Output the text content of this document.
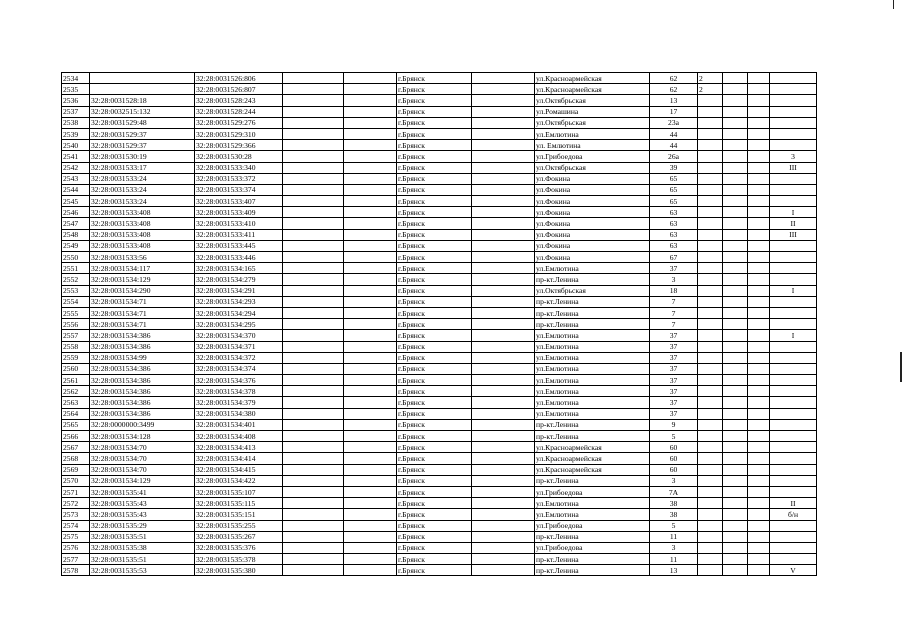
2534		32:28:0031526:806			г.Брянск		ул.Красноармейская	62	2			
2535		32:28:0031526:807			г.Брянск		ул.Красноармейская	62	2			
2536	32:28:0031528:18	32:28:0031528:243			г.Брянск		ул.Октябрьская	13				
2537	32:28:0032515:132	32:28:0031528:244			г.Брянск		ул.Ромашина	17				
2538	32:28:0031529:48	32:28:0031529:276			г.Брянск		ул.Октябрьская	23а				
2539	32:28:0031529:37	32:28:0031529:310			г.Брянск		ул.Емлютина	44				
2540	32:28:0031529:37	32:28:0031529:366			г.Брянск		ул. Емлютина	44				
2541	32:28:0031530:19	32:28:0031530:28			г.Брянск		ул.Грибоедова	26а				3
2542	32:28:0031533:17	32:28:0031533:340			г.Брянск		ул.Октябрьская	39				III
2543	32:28:0031533:24	32:28:0031533:372			г.Брянск		ул.Фокина	65				
2544	32:28:0031533:24	32:28:0031533:374			г.Брянск		ул.Фокина	65				
2545	32:28:0031533:24	32:28:0031533:407			г.Брянск		ул.Фокина	65				
2546	32:28:0031533:408	32:28:0031533:409			г.Брянск		ул.Фокина	63				I
2547	32:28:0031533:408	32:28:0031533:410			г.Брянск		ул.Фокина	63				II
2548	32:28:0031533:408	32:28:0031533:411			г.Брянск		ул.Фокина	63				III
2549	32:28:0031533:408	32:28:0031533:445			г.Брянск		ул.Фокина	63				
2550	32:28:0031533:56	32:28:0031533:446			г.Брянск		ул.Фокина	67				
2551	32:28:0031534:117	32:28:0031534:165			г.Брянск		ул.Емлютина	37				
2552	32:28:0031534:129	32:28:0031534:279			г.Брянск		пр-кт.Ленина	3				
2553	32:28:0031534:290	32:28:0031534:291			г.Брянск		ул.Октябрьская	18				I
2554	32:28:0031534:71	32:28:0031534:293			г.Брянск		пр-кт.Ленина	7				
2555	32:28:0031534:71	32:28:0031534:294			г.Брянск		пр-кт.Ленина	7				
2556	32:28:0031534:71	32:28:0031534:295			г.Брянск		пр-кт.Ленина	7				
2557	32:28:0031534:386	32:28:0031534:370			г.Брянск		ул.Емлютина	37				I
2558	32:28:0031534:386	32:28:0031534:371			г.Брянск		ул.Емлютина	37				
2559	32:28:0031534:99	32:28:0031534:372			г.Брянск		ул.Емлютина	37				
2560	32:28:0031534:386	32:28:0031534:374			г.Брянск		ул.Емлютина	37				
2561	32:28:0031534:386	32:28:0031534:376			г.Брянск		ул.Емлютина	37				
2562	32:28:0031534:386	32:28:0031534:378			г.Брянск		ул.Емлютина	37				
2563	32:28:0031534:386	32:28:0031534:379			г.Брянск		ул.Емлютина	37				
2564	32:28:0031534:386	32:28:0031534:380			г.Брянск		ул.Емлютина	37				
2565	32:28:0000000:3499	32:28:0031534:401			г.Брянск		пр-кт.Ленина	9				
2566	32:28:0031534:128	32:28:0031534:408			г.Брянск		пр-кт.Ленина	5				
2567	32:28:0031534:70	32:28:0031534:413			г.Брянск		ул.Красноармейская	60				
2568	32:28:0031534:70	32:28:0031534:414			г.Брянск		ул.Красноармейская	60				
2569	32:28:0031534:70	32:28:0031534:415			г.Брянск		ул.Красноармейская	60				
2570	32:28:0031534:129	32:28:0031534:422			г.Брянск		пр-кт.Ленина	3				
2571	32:28:0031535:41	32:28:0031535:107			г.Брянск		ул.Грибоедова	7А				
2572	32:28:0031535:43	32:28:0031535:115			г.Брянск		ул.Емлютина	38				II
2573	32:28:0031535:43	32:28:0031535:151			г.Брянск		ул.Емлютина	38				б/н
2574	32:28:0031535:29	32:28:0031535:255			г.Брянск		ул.Грибоедова	5				
2575	32:28:0031535:51	32:28:0031535:267			г.Брянск		пр-кт.Ленина	11				
2576	32:28:0031535:38	32:28:0031535:376			г.Брянск		ул.Грибоедова	3				
2577	32:28:0031535:51	32:28:0031535:378			г.Брянск		пр-кт.Ленина	11				
2578	32:28:0031535:53	32:28:0031535:380			г.Брянск		пр-кт.Ленина	13				V
